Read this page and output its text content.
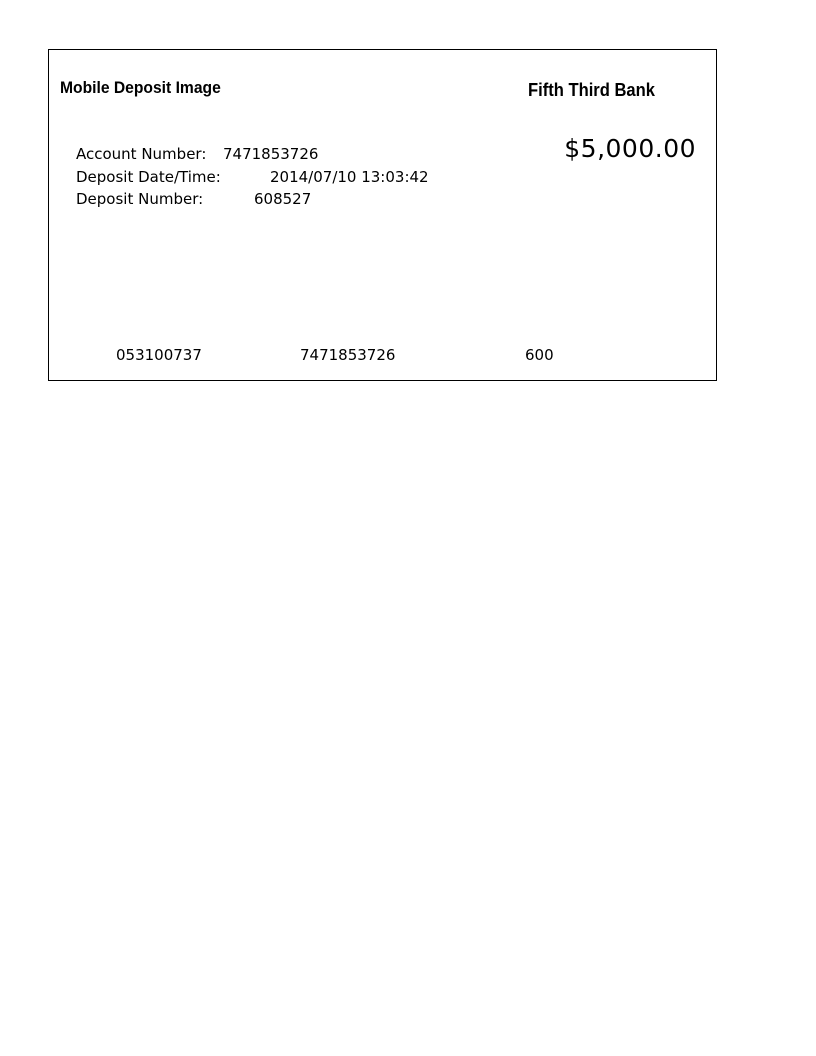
Mobile Deposit Image	Fifth Third Bank
$5,000.00
Account Number: 7471853726
Deposit Date/Time:	2014/07/10 13:03:42
Deposit Number:	608527
053100737	7471853726	600
